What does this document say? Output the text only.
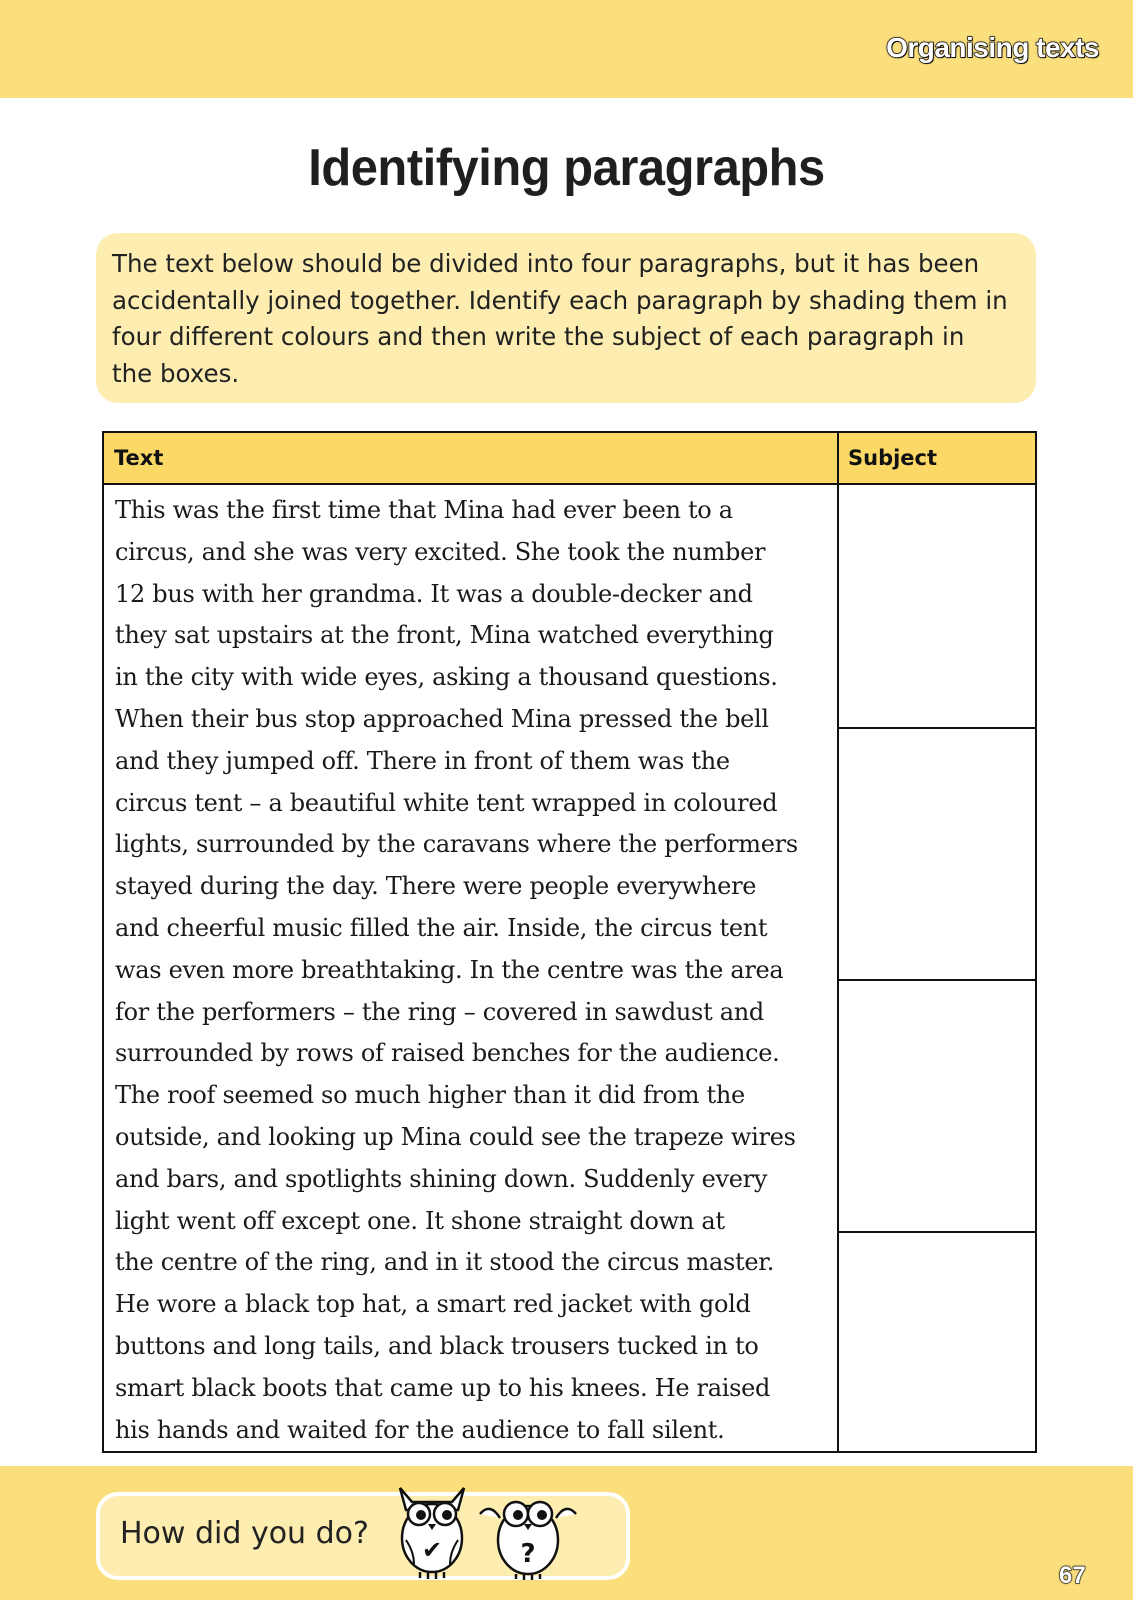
Organising texts
Identifying paragraphs
The text below should be divided into four paragraphs, but it has been
accidentally joined together. Identify each paragraph by shading them in
four different colours and then write the subject of each paragraph in
the boxes.
Text	Subject
This was the first time that Mina had ever been to a
circus, and she was very excited. She took the number
12 bus with her grandma. It was a double-decker and
they sat upstairs at the front, Mina watched everything
in the city with wide eyes, asking a thousand questions.
When their bus stop approached Mina pressed the bell
and they jumped off. There in front of them was the
circus tent – a beautiful white tent wrapped in coloured
lights, surrounded by the caravans where the performers
stayed during the day. There were people everywhere
and cheerful music filled the air. Inside, the circus tent
was even more breathtaking. In the centre was the area
for the performers – the ring – covered in sawdust and
surrounded by rows of raised benches for the audience.
The roof seemed so much higher than it did from the
outside, and looking up Mina could see the trapeze wires
and bars, and spotlights shining down. Suddenly every
light went off except one. It shone straight down at
the centre of the ring, and in it stood the circus master.
He wore a black top hat, a smart red jacket with gold
buttons and long tails, and black trousers tucked in to
smart black boots that came up to his knees. He raised
his hands and waited for the audience to fall silent.
How did you do? ✔	?
67
